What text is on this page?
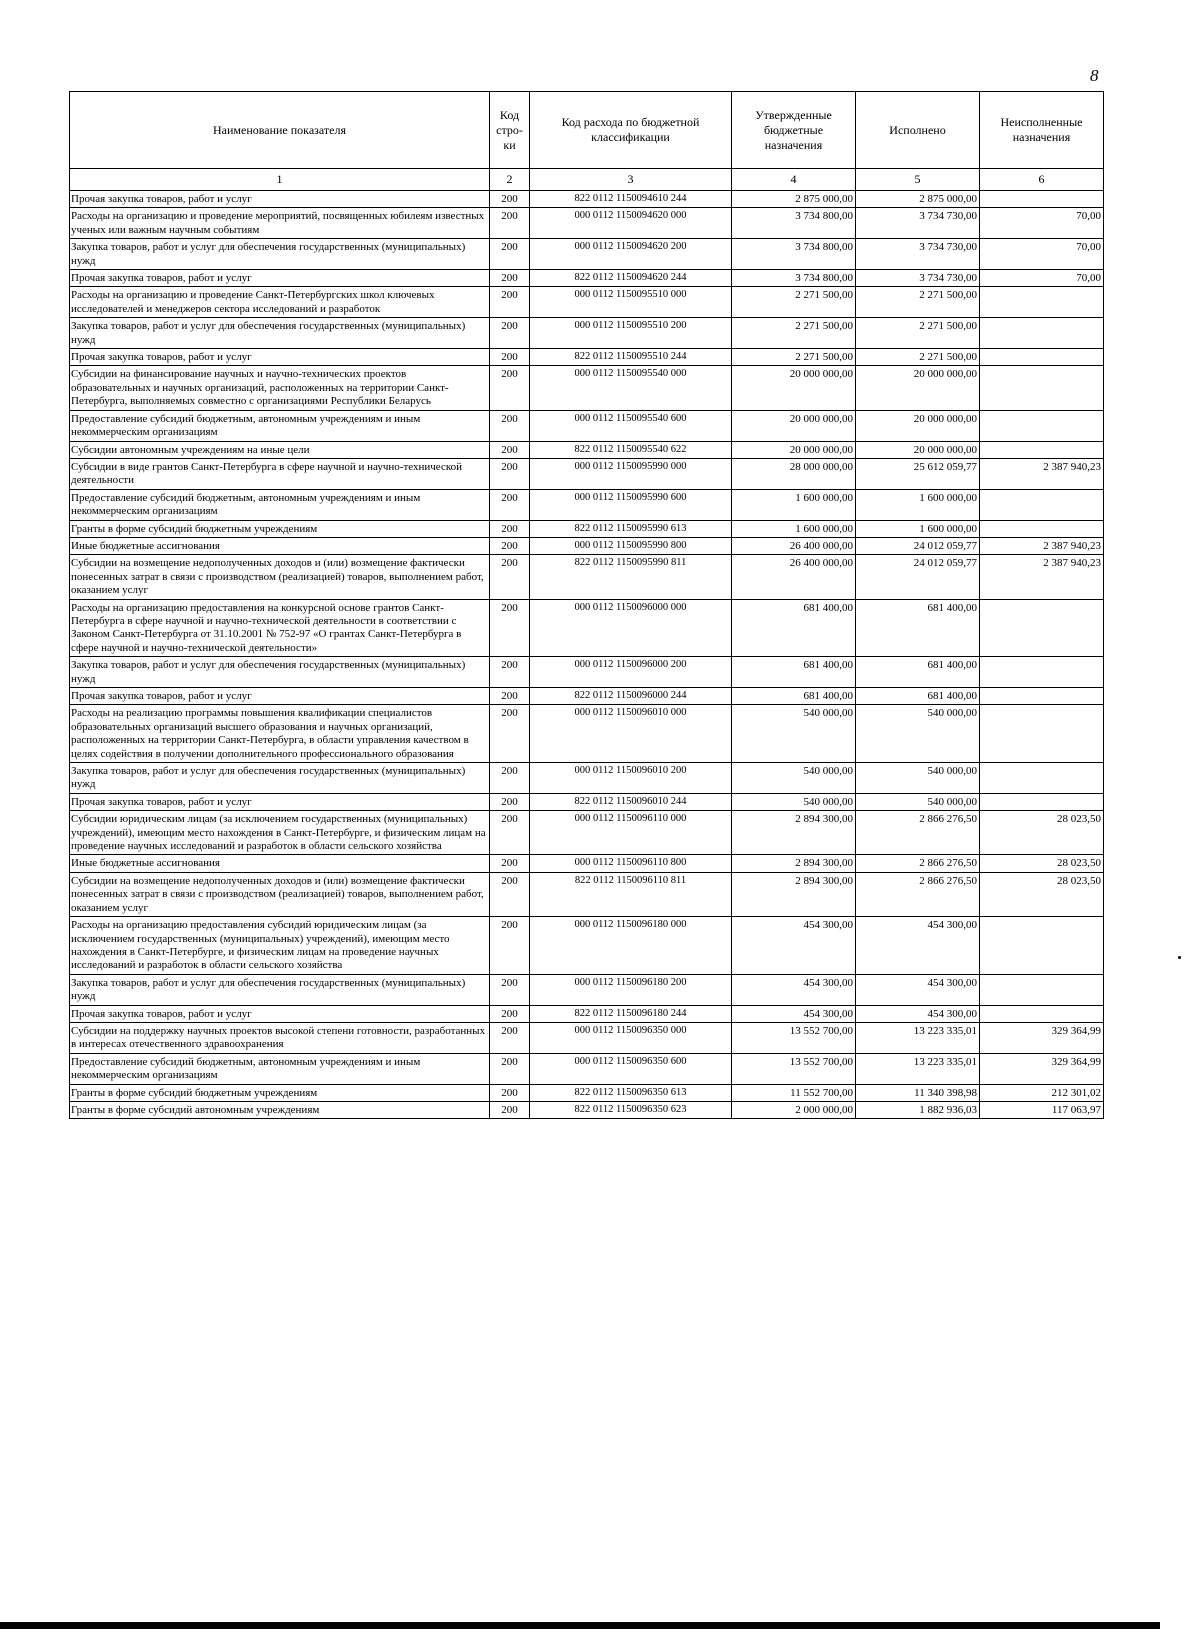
8
Наименование показателя	Код стро- ки	Код расхода по бюджетной классификации	Утвержденные бюджетные назначения	Исполнено	Неисполненные назначения
1	2	3	4	5	6
Прочая закупка товаров, работ и услуг	200	822 0112 1150094610 244	2 875 000,00	2 875 000,00	
Расходы на организацию и проведение мероприятий, посвященных юбилеям известных ученых или важным научным событиям	200	000 0112 1150094620 000	3 734 800,00	3 734 730,00	70,00
Закупка товаров, работ и услуг для обеспечения государственных (муниципальных) нужд	200	000 0112 1150094620 200	3 734 800,00	3 734 730,00	70,00
Прочая закупка товаров, работ и услуг	200	822 0112 1150094620 244	3 734 800,00	3 734 730,00	70,00
Расходы на организацию и проведение Санкт-Петербургских школ ключевых исследователей и менеджеров сектора исследований и разработок	200	000 0112 1150095510 000	2 271 500,00	2 271 500,00	
Закупка товаров, работ и услуг для обеспечения государственных (муниципальных) нужд	200	000 0112 1150095510 200	2 271 500,00	2 271 500,00	
Прочая закупка товаров, работ и услуг	200	822 0112 1150095510 244	2 271 500,00	2 271 500,00	
Субсидии на финансирование научных и научно-технических проектов образовательных и научных организаций, расположенных на территории Санкт-Петербурга, выполняемых совместно с организациями Республики Беларусь	200	000 0112 1150095540 000	20 000 000,00	20 000 000,00	
Предоставление субсидий бюджетным, автономным учреждениям и иным некоммерческим организациям	200	000 0112 1150095540 600	20 000 000,00	20 000 000,00	
Субсидии автономным учреждениям на иные цели	200	822 0112 1150095540 622	20 000 000,00	20 000 000,00	
Субсидии в виде грантов Санкт-Петербурга в сфере научной и научно-технической деятельности	200	000 0112 1150095990 000	28 000 000,00	25 612 059,77	2 387 940,23
Предоставление субсидий бюджетным, автономным учреждениям и иным некоммерческим организациям	200	000 0112 1150095990 600	1 600 000,00	1 600 000,00	
Гранты в форме субсидий бюджетным учреждениям	200	822 0112 1150095990 613	1 600 000,00	1 600 000,00	
Иные бюджетные ассигнования	200	000 0112 1150095990 800	26 400 000,00	24 012 059,77	2 387 940,23
Субсидии на возмещение недополученных доходов и (или) возмещение фактически понесенных затрат в связи с производством (реализацией) товаров, выполнением работ, оказанием услуг	200	822 0112 1150095990 811	26 400 000,00	24 012 059,77	2 387 940,23
Расходы на организацию предоставления на конкурсной основе грантов Санкт-Петербурга в сфере научной и научно-технической деятельности в соответствии с Законом Санкт-Петербурга от 31.10.2001 № 752-97 «О грантах Санкт-Петербурга в сфере научной и научно-технической деятельности»	200	000 0112 1150096000 000	681 400,00	681 400,00	
Закупка товаров, работ и услуг для обеспечения государственных (муниципальных) нужд	200	000 0112 1150096000 200	681 400,00	681 400,00	
Прочая закупка товаров, работ и услуг	200	822 0112 1150096000 244	681 400,00	681 400,00	
Расходы на реализацию программы повышения квалификации специалистов образовательных организаций высшего образования и научных организаций, расположенных на территории Санкт-Петербурга, в области управления качеством в целях содействия в получении дополнительного профессионального образования	200	000 0112 1150096010 000	540 000,00	540 000,00	
Закупка товаров, работ и услуг для обеспечения государственных (муниципальных) нужд	200	000 0112 1150096010 200	540 000,00	540 000,00	
Прочая закупка товаров, работ и услуг	200	822 0112 1150096010 244	540 000,00	540 000,00	
Субсидии юридическим лицам (за исключением государственных (муниципальных) учреждений), имеющим место нахождения в Санкт-Петербурге, и физическим лицам на проведение научных исследований и разработок в области сельского хозяйства	200	000 0112 1150096110 000	2 894 300,00	2 866 276,50	28 023,50
Иные бюджетные ассигнования	200	000 0112 1150096110 800	2 894 300,00	2 866 276,50	28 023,50
Субсидии на возмещение недополученных доходов и (или) возмещение фактически понесенных затрат в связи с производством (реализацией) товаров, выполнением работ, оказанием услуг	200	822 0112 1150096110 811	2 894 300,00	2 866 276,50	28 023,50
Расходы на организацию предоставления субсидий юридическим лицам (за исключением государственных (муниципальных) учреждений), имеющим место нахождения в Санкт-Петербурге, и физическим лицам на проведение научных исследований и разработок в области сельского хозяйства	200	000 0112 1150096180 000	454 300,00	454 300,00	
Закупка товаров, работ и услуг для обеспечения государственных (муниципальных) нужд	200	000 0112 1150096180 200	454 300,00	454 300,00	
Прочая закупка товаров, работ и услуг	200	822 0112 1150096180 244	454 300,00	454 300,00	
Субсидии на поддержку научных проектов высокой степени готовности, разработанных в интересах отечественного здравоохранения	200	000 0112 1150096350 000	13 552 700,00	13 223 335,01	329 364,99
Предоставление субсидий бюджетным, автономным учреждениям и иным некоммерческим организациям	200	000 0112 1150096350 600	13 552 700,00	13 223 335,01	329 364,99
Гранты в форме субсидий бюджетным учреждениям	200	822 0112 1150096350 613	11 552 700,00	11 340 398,98	212 301,02
Гранты в форме субсидий автономным учреждениям	200	822 0112 1150096350 623	2 000 000,00	1 882 936,03	117 063,97
